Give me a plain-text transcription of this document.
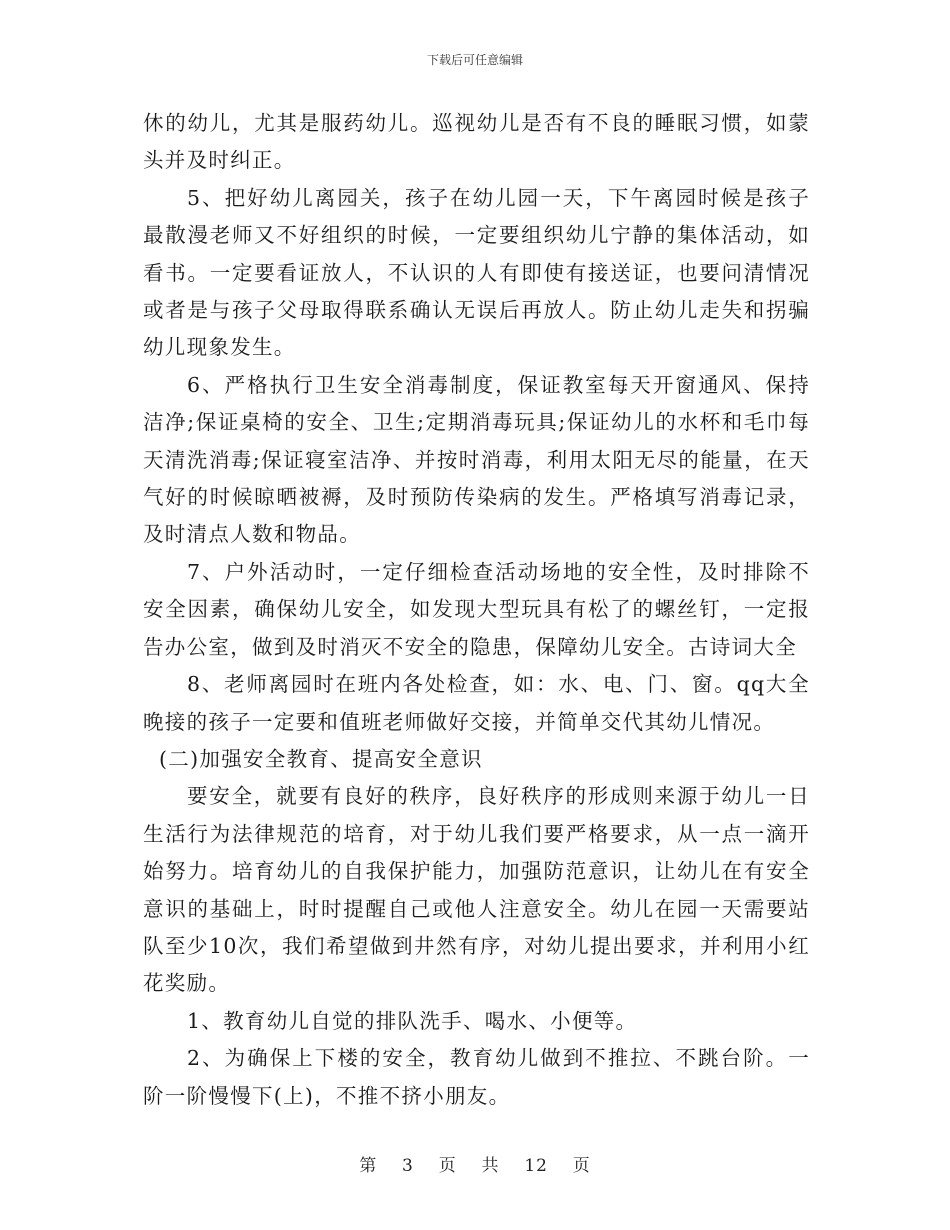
下载后可任意编辑

休的幼儿，尤其是服药幼儿。巡视幼儿是否有不良的睡眠习惯，如蒙头并及时纠正。

5、把好幼儿离园关，孩子在幼儿园一天，下午离园时候是孩子最散漫老师又不好组织的时候，一定要组织幼儿宁静的集体活动，如看书。一定要看证放人，不认识的人有即使有接送证，也要问清情况或者是与孩子父母取得联系确认无误后再放人。防止幼儿走失和拐骗幼儿现象发生。

6、严格执行卫生安全消毒制度，保证教室每天开窗通风、保持洁净;保证桌椅的安全、卫生;定期消毒玩具;保证幼儿的水杯和毛巾每天清洗消毒;保证寝室洁净、并按时消毒，利用太阳无尽的能量，在天气好的时候晾晒被褥，及时预防传染病的发生。严格填写消毒记录，及时清点人数和物品。

7、户外活动时，一定仔细检查活动场地的安全性，及时排除不安全因素，确保幼儿安全，如发现大型玩具有松了的螺丝钉，一定报告办公室，做到及时消灭不安全的隐患，保障幼儿安全。古诗词大全

8、老师离园时在班内各处检查，如：水、电、门、窗。qq大全晚接的孩子一定要和值班老师做好交接，并简单交代其幼儿情况。

(二)加强安全教育、提高安全意识

要安全，就要有良好的秩序，良好秩序的形成则来源于幼儿一日生活行为法律规范的培育，对于幼儿我们要严格要求，从一点一滴开始努力。培育幼儿的自我保护能力，加强防范意识，让幼儿在有安全意识的基础上，时时提醒自己或他人注意安全。幼儿在园一天需要站队至少10次，我们希望做到井然有序，对幼儿提出要求，并利用小红花奖励。

1、教育幼儿自觉的排队洗手、喝水、小便等。

2、为确保上下楼的安全，教育幼儿做到不推拉、不跳台阶。一阶一阶慢慢下(上)，不推不挤小朋友。

第 3 页 共 12 页
